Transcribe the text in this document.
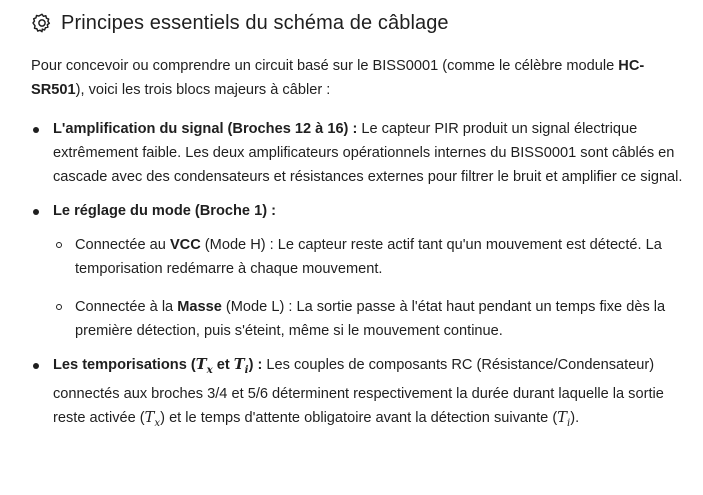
Principes essentiels du schéma de câblage

Pour concevoir ou comprendre un circuit basé sur le BISS0001 (comme le célèbre module HC-SR501), voici les trois blocs majeurs à câbler :

L'amplification du signal (Broches 12 à 16) : Le capteur PIR produit un signal électrique extrêmement faible. Les deux amplificateurs opérationnels internes du BISS0001 sont câblés en cascade avec des condensateurs et résistances externes pour filtrer le bruit et amplifier ce signal.
Le réglage du mode (Broche 1) :
Connectée au VCC (Mode H) : Le capteur reste actif tant qu'un mouvement est détecté. La temporisation redémarre à chaque mouvement.
Connectée à la Masse (Mode L) : La sortie passe à l'état haut pendant un temps fixe dès la première détection, puis s'éteint, même si le mouvement continue.
Les temporisations ($T_x$ et $T_i$) : Les couples de composants RC (Résistance/Condensateur) connectés aux broches 3/4 et 5/6 déterminent respectivement la durée durant laquelle la sortie reste activée $(T_x)$ et le temps d'attente obligatoire avant la détection suivante $(T_i)$.
